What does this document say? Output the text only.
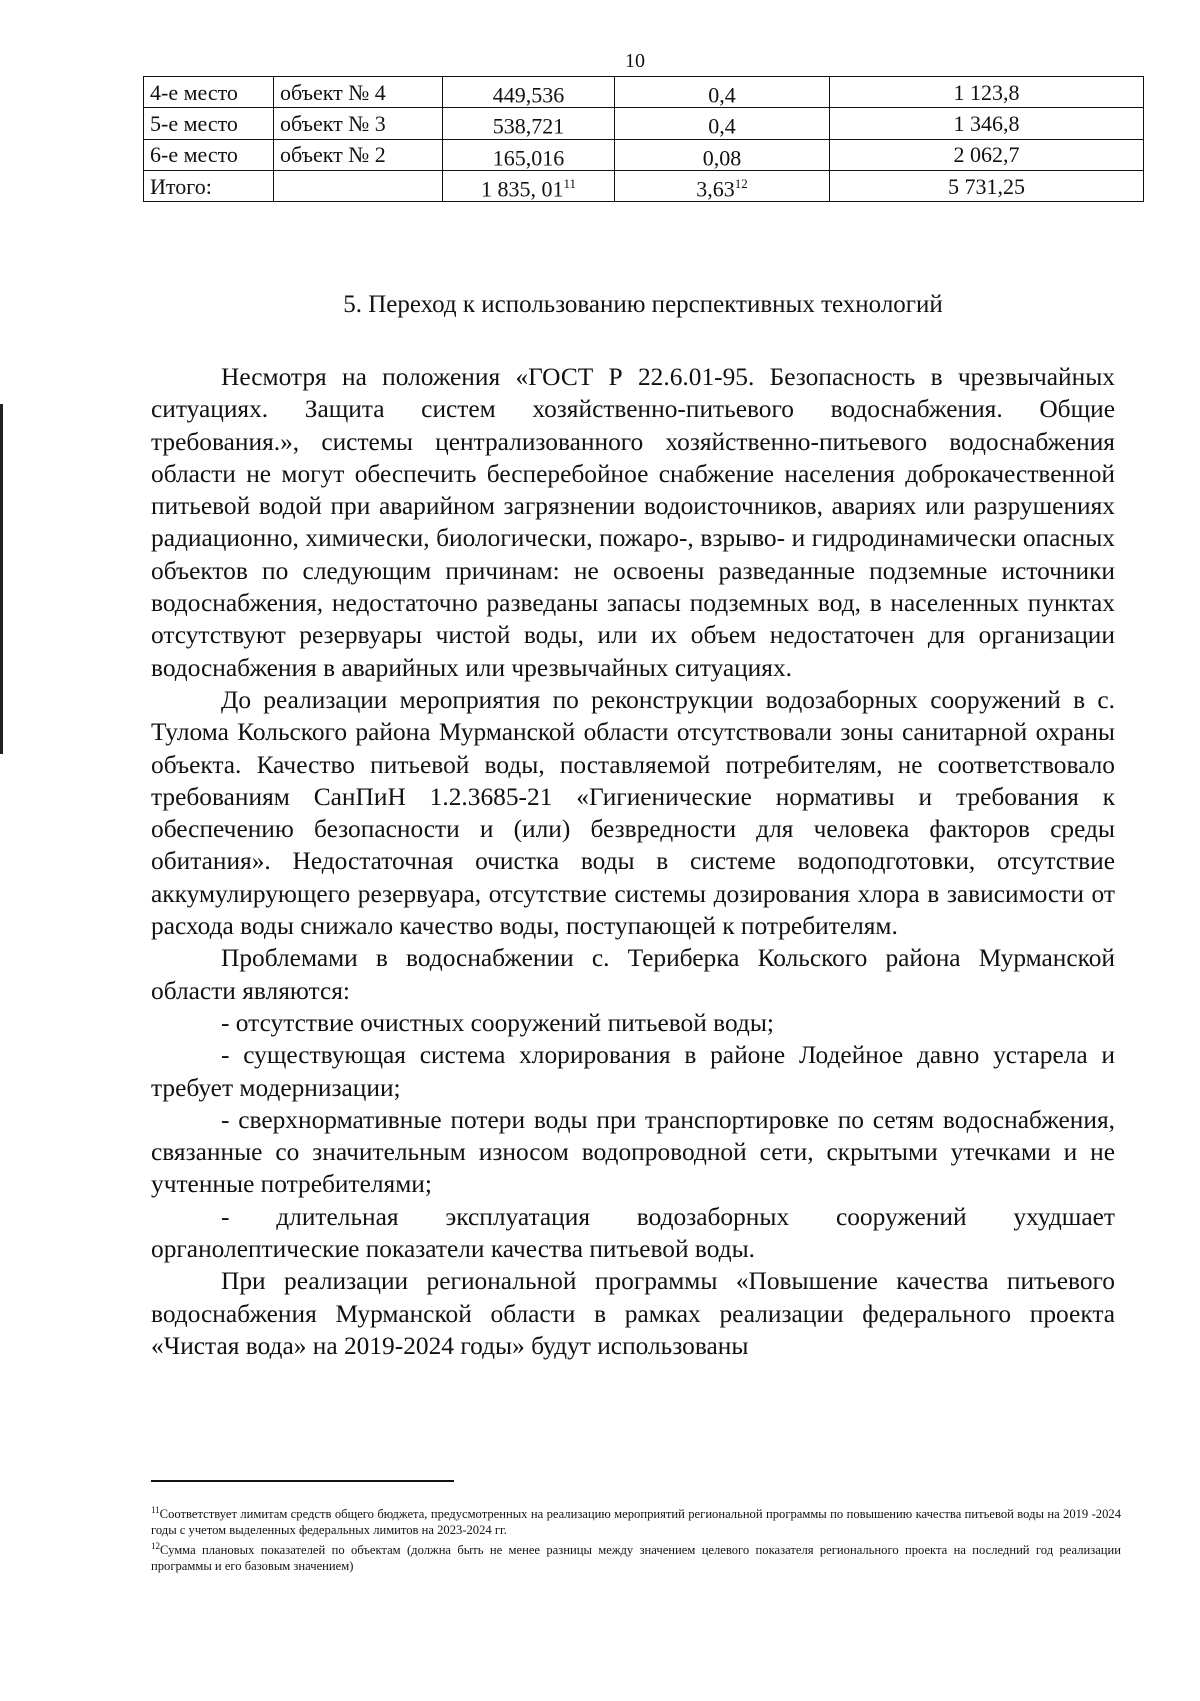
10
4-е место	объект № 4	449,536	0,4	1 123,8
5-е место	объект № 3	538,721	0,4	1 346,8
6-е место	объект № 2	165,016	0,08	2 062,7
Итого:		1 835, $01^{11}$	3,63$^{12}$	5 731,25
5. Переход к использованию перспективных технологий

Несмотря на положения «ГОСТ Р 22.6.01-95. Безопасность в чрезвычайных ситуациях. Защита систем хозяйственно-питьевого водоснабжения. Общие требования.», системы централизованного хозяйственно-питьевого водоснабжения области не могут обеспечить бесперебойное снабжение населения доброкачественной питьевой водой при аварийном загрязнении водоисточников, авариях или разрушениях радиационно, химически, биологически, пожаро-, взрыво- и гидродинамически опасных объектов по следующим причинам: не освоены разведанные подземные источники водоснабжения, недостаточно разведаны запасы подземных вод, в населенных пунктах отсутствуют резервуары чистой воды, или их объем недостаточен для организации водоснабжения в аварийных или чрезвычайных ситуациях.

До реализации мероприятия по реконструкции водозаборных сооружений в с. Тулома Кольского района Мурманской области отсутствовали зоны санитарной охраны объекта. Качество питьевой воды, поставляемой потребителям, не соответствовало требованиям СанПиН 1.2.3685-21 «Гигиенические нормативы и требования к обеспечению безопасности и (или) безвредности для человека факторов среды обитания». Недостаточная очистка воды в системе водоподготовки, отсутствие аккумулирующего резервуара, отсутствие системы дозирования хлора в зависимости от расхода воды снижало качество воды, поступающей к потребителям.

Проблемами в водоснабжении с. Териберка Кольского района Мурманской области являются:

- отсутствие очистных сооружений питьевой воды;

- существующая система хлорирования в районе Лодейное давно устарела и требует модернизации;

- сверхнормативные потери воды при транспортировке по сетям водоснабжения, связанные со значительным износом водопроводной сети, скрытыми утечками и не учтенные потребителями;

- длительная эксплуатация водозаборных сооружений ухудшает органолептические показатели качества питьевой воды.

При реализации региональной программы «Повышение качества питьевого водоснабжения Мурманской области в рамках реализации федерального проекта «Чистая вода» на 2019-2024 годы» будут использованы

$^{11}$Соответствует лимитам средств общего бюджета, предусмотренных на реализацию мероприятий региональной программы по повышению качества питьевой воды на 2019 -2024 годы с учетом выделенных федеральных лимитов на 2023-2024 гг.

$^{12}$Сумма плановых показателей по объектам (должна быть не менее разницы между значением целевого показателя регионального проекта на последний год реализации программы и его базовым значением)
